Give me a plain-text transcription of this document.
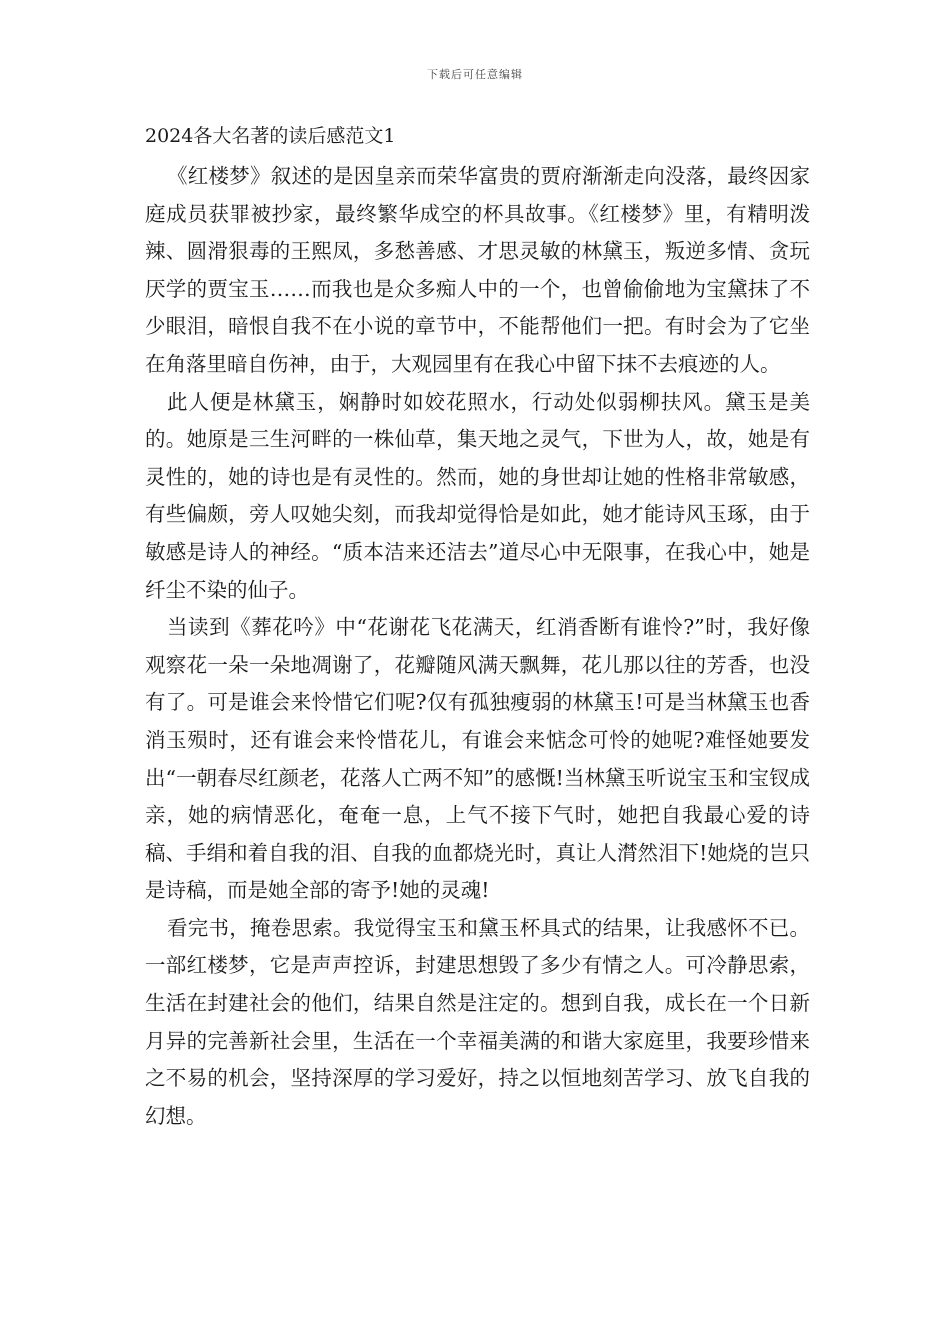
下载后可任意编辑
2024各大名著的读后感范文1

《红楼梦》叙述的是因皇亲而荣华富贵的贾府渐渐走向没落，最终因家庭成员获罪被抄家，最终繁华成空的杯具故事。《红楼梦》里，有精明泼辣、圆滑狠毒的王熙凤，多愁善感、才思灵敏的林黛玉，叛逆多情、贪玩厌学的贾宝玉……而我也是众多痴人中的一个，也曾偷偷地为宝黛抹了不少眼泪，暗恨自我不在小说的章节中，不能帮他们一把。有时会为了它坐在角落里暗自伤神，由于，大观园里有在我心中留下抹不去痕迹的人。

此人便是林黛玉，娴静时如姣花照水，行动处似弱柳扶风。黛玉是美的。她原是三生河畔的一株仙草，集天地之灵气，下世为人，故，她是有灵性的，她的诗也是有灵性的。然而，她的身世却让她的性格非常敏感，有些偏颇，旁人叹她尖刻，而我却觉得恰是如此，她才能诗风玉琢，由于敏感是诗人的神经。“质本洁来还洁去”道尽心中无限事，在我心中，她是纤尘不染的仙子。

当读到《葬花吟》中“花谢花飞花满天，红消香断有谁怜?”时，我好像观察花一朵一朵地凋谢了，花瓣随风满天飘舞，花儿那以往的芳香，也没有了。可是谁会来怜惜它们呢?仅有孤独瘦弱的林黛玉!可是当林黛玉也香消玉殒时，还有谁会来怜惜花儿，有谁会来惦念可怜的她呢?难怪她要发出“一朝春尽红颜老，花落人亡两不知”的感慨!当林黛玉听说宝玉和宝钗成亲，她的病情恶化，奄奄一息，上气不接下气时，她把自我最心爱的诗稿、手绢和着自我的泪、自我的血都烧光时，真让人潸然泪下!她烧的岂只是诗稿，而是她全部的寄予!她的灵魂!

看完书，掩卷思索。我觉得宝玉和黛玉杯具式的结果，让我感怀不已。一部红楼梦，它是声声控诉，封建思想毁了多少有情之人。可冷静思索，生活在封建社会的他们，结果自然是注定的。想到自我，成长在一个日新月异的完善新社会里，生活在一个幸福美满的和谐大家庭里，我要珍惜来之不易的机会，坚持深厚的学习爱好，持之以恒地刻苦学习、放飞自我的幻想。
